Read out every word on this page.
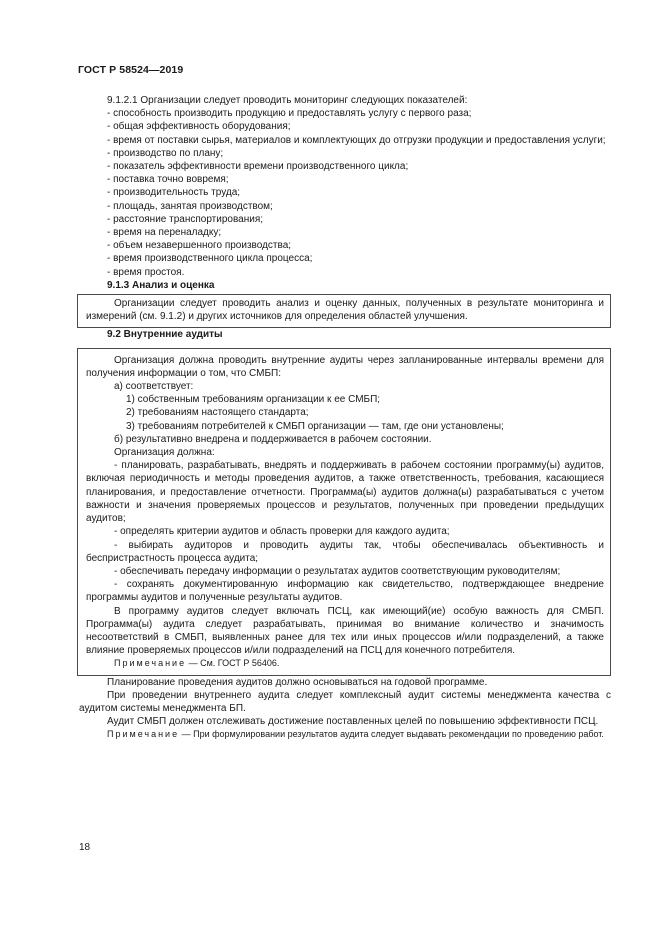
ГОСТ Р 58524—2019

9.1.2.1 Организации следует проводить мониторинг следующих показателей:

- способность производить продукцию и предоставлять услугу с первого раза;

- общая эффективность оборудования;

- время от поставки сырья, материалов и комплектующих до отгрузки продукции и предоставления услуги;

- производство по плану;

- показатель эффективности времени производственного цикла;

- поставка точно вовремя;

- производительность труда;

- площадь, занятая производством;

- расстояние транспортирования;

- время на переналадку;

- объем незавершенного производства;

- время производственного цикла процесса;

- время простоя.

9.1.3 Анализ и оценка

Организации следует проводить анализ и оценку данных, полученных в результате мониторинга и измерений (см. 9.1.2) и других источников для определения областей улучшения.

9.2 Внутренние аудиты

Организация должна проводить внутренние аудиты через запланированные интервалы времени для получения информации о том, что СМБП:

а) соответствует:

1) собственным требованиям организации к ее СМБП;

2) требованиям настоящего стандарта;

3) требованиям потребителей к СМБП организации — там, где они установлены;

б) результативно внедрена и поддерживается в рабочем состоянии.

Организация должна:

- планировать, разрабатывать, внедрять и поддерживать в рабочем состоянии программу(ы) аудитов, включая периодичность и методы проведения аудитов, а также ответственность, требования, касающиеся планирования, и предоставление отчетности. Программа(ы) аудитов должна(ы) разрабатываться с учетом важности и значения проверяемых процессов и результатов, полученных при проведении предыдущих аудитов;

- определять критерии аудитов и область проверки для каждого аудита;

- выбирать аудиторов и проводить аудиты так, чтобы обеспечивалась объективность и беспристрастность процесса аудита;

- обеспечивать передачу информации о результатах аудитов соответствующим руководителям;

- сохранять документированную информацию как свидетельство, подтверждающее внедрение программы аудитов и полученные результаты аудитов.

В программу аудитов следует включать ПСЦ, как имеющий(ие) особую важность для СМБП. Программа(ы) аудита следует разрабатывать, принимая во внимание количество и значимость несоответствий в СМБП, выявленных ранее для тех или иных процессов и/или подразделений, а также влияние проверяемых процессов и/или подразделений на ПСЦ для конечного потребителя.

Примечание — См. ГОСТ Р 56406.

Планирование проведения аудитов должно основываться на годовой программе.

При проведении внутреннего аудита следует комплексный аудит системы менеджмента качества с аудитом системы менеджмента БП.

Аудит СМБП должен отслеживать достижение поставленных целей по повышению эффективности ПСЦ.

Примечание — При формулировании результатов аудита следует выдавать рекомендации по проведению работ.

18
